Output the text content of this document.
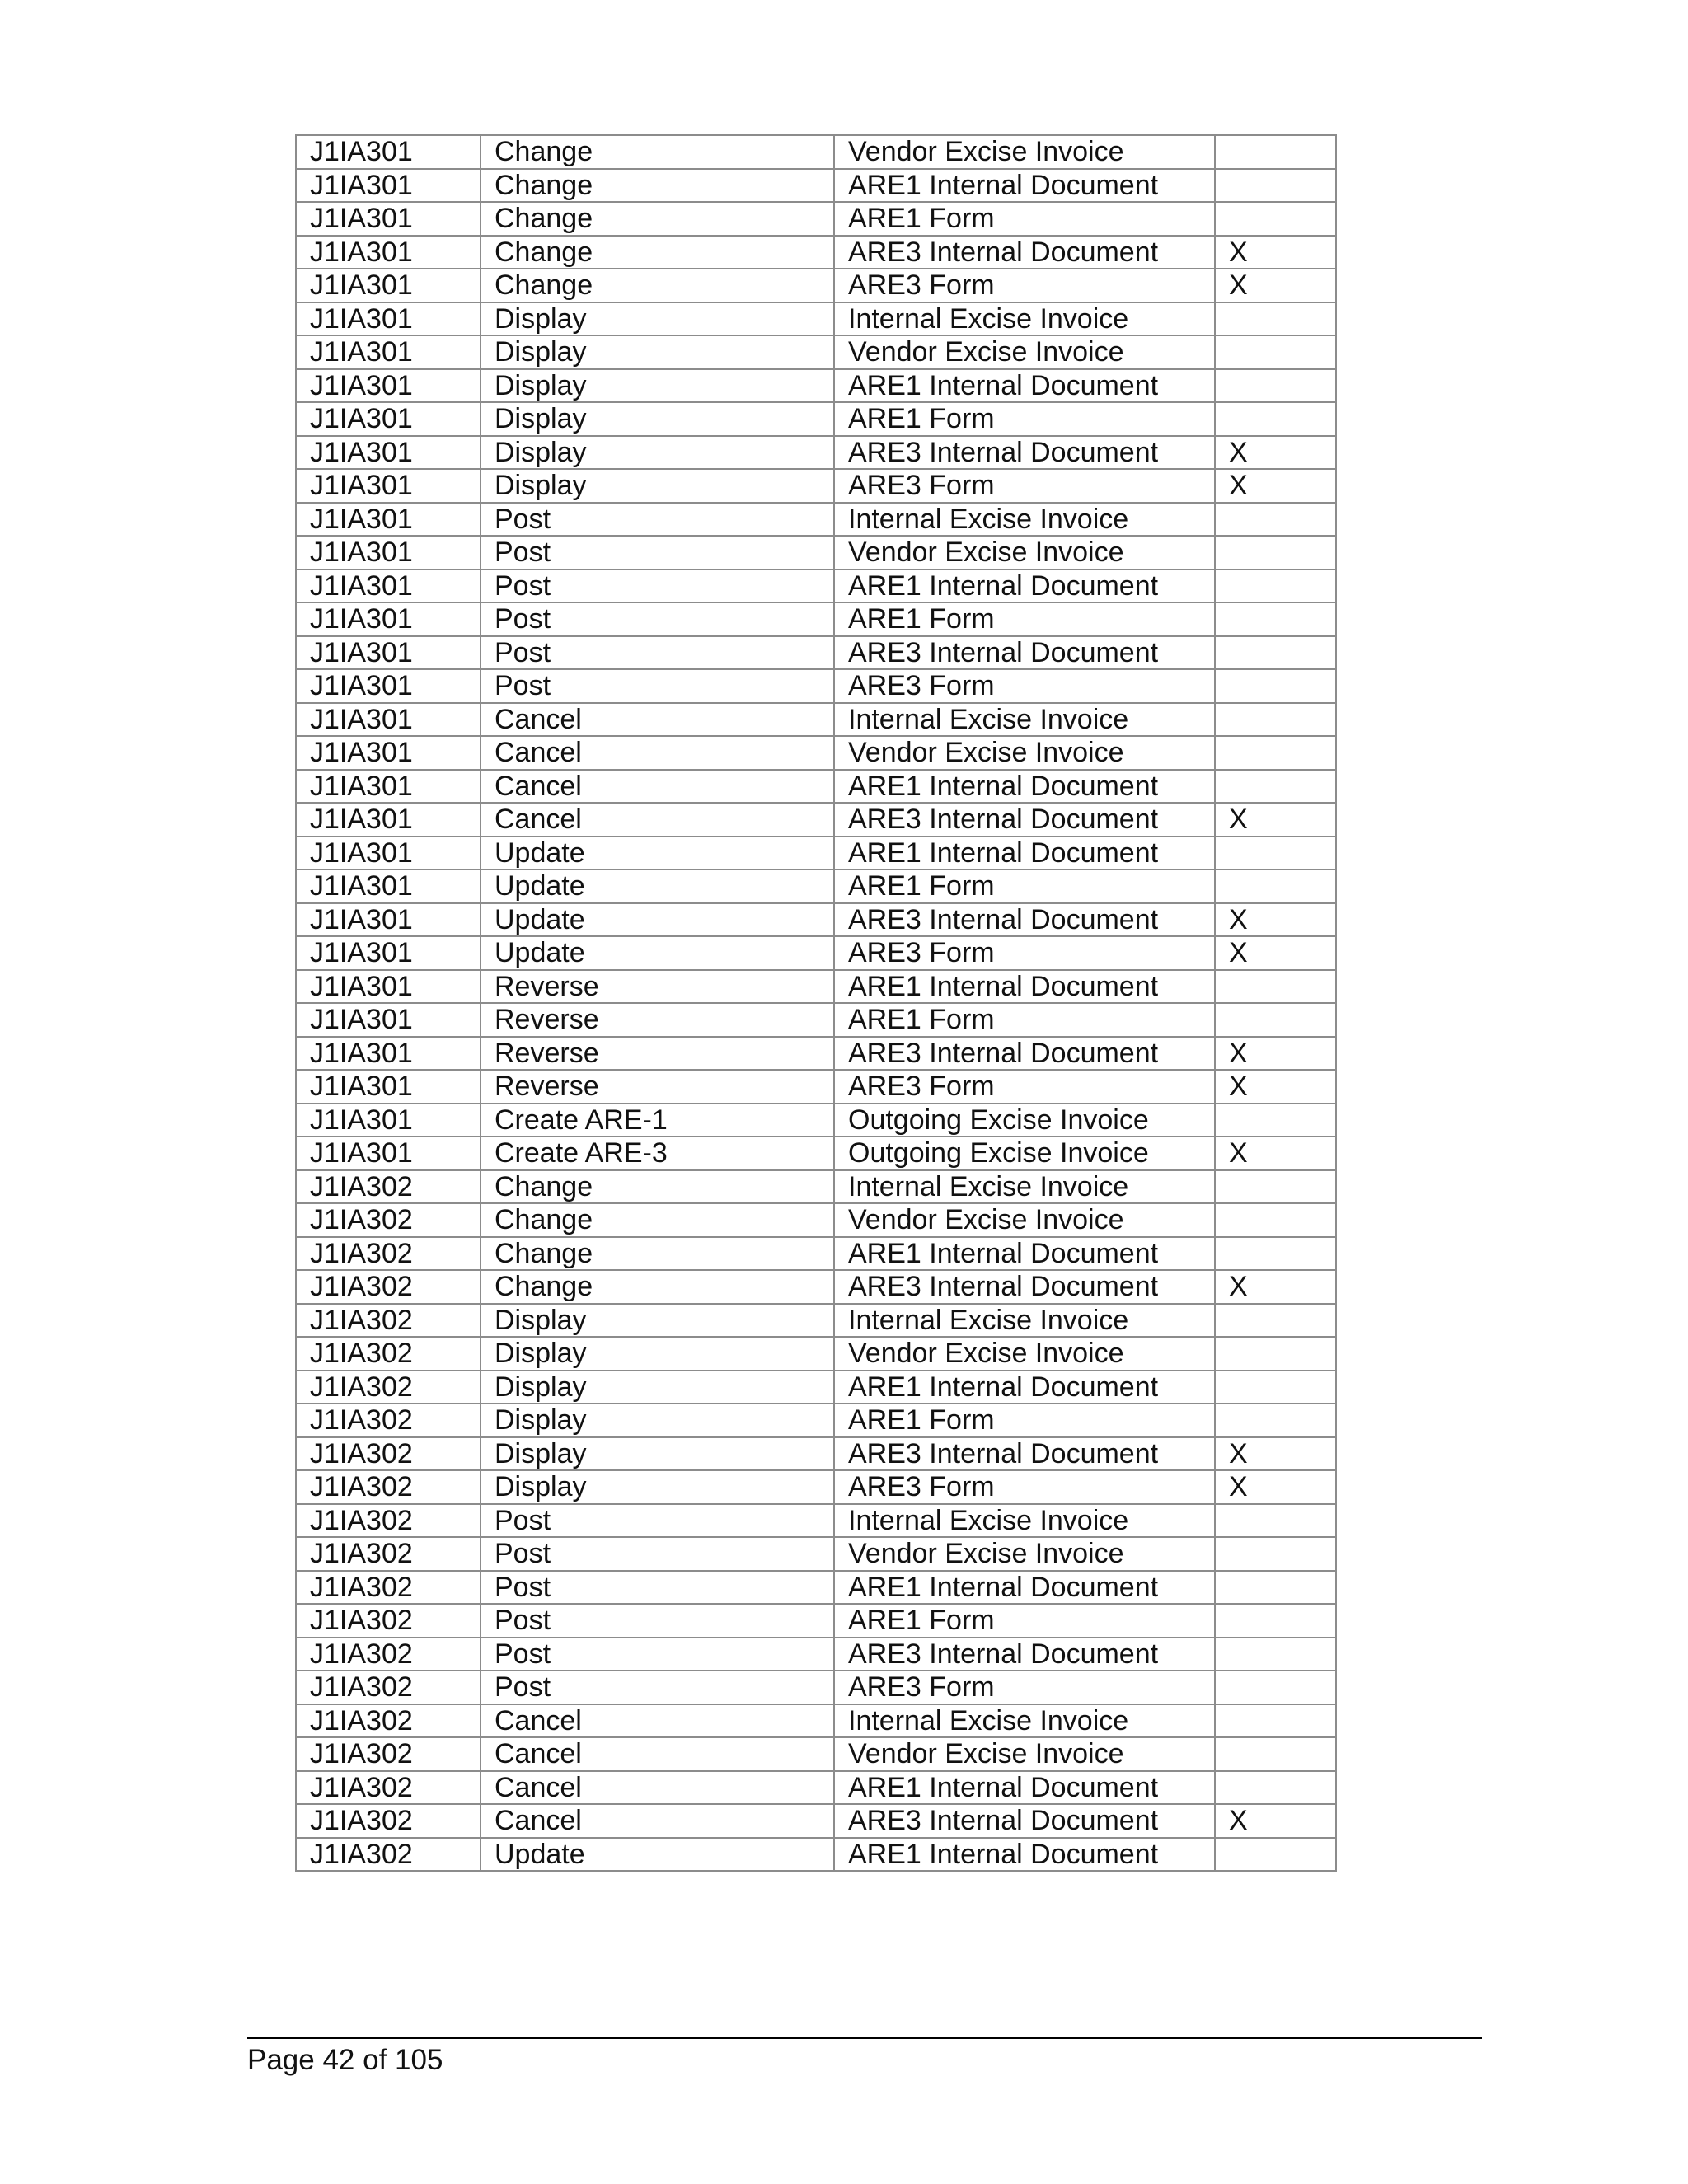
J1IA301	Change	Vendor Excise Invoice	
J1IA301	Change	ARE1 Internal Document	
J1IA301	Change	ARE1 Form	
J1IA301	Change	ARE3 Internal Document	X
J1IA301	Change	ARE3 Form	X
J1IA301	Display	Internal Excise Invoice	
J1IA301	Display	Vendor Excise Invoice	
J1IA301	Display	ARE1 Internal Document	
J1IA301	Display	ARE1 Form	
J1IA301	Display	ARE3 Internal Document	X
J1IA301	Display	ARE3 Form	X
J1IA301	Post	Internal Excise Invoice	
J1IA301	Post	Vendor Excise Invoice	
J1IA301	Post	ARE1 Internal Document	
J1IA301	Post	ARE1 Form	
J1IA301	Post	ARE3 Internal Document	
J1IA301	Post	ARE3 Form	
J1IA301	Cancel	Internal Excise Invoice	
J1IA301	Cancel	Vendor Excise Invoice	
J1IA301	Cancel	ARE1 Internal Document	
J1IA301	Cancel	ARE3 Internal Document	X
J1IA301	Update	ARE1 Internal Document	
J1IA301	Update	ARE1 Form	
J1IA301	Update	ARE3 Internal Document	X
J1IA301	Update	ARE3 Form	X
J1IA301	Reverse	ARE1 Internal Document	
J1IA301	Reverse	ARE1 Form	
J1IA301	Reverse	ARE3 Internal Document	X
J1IA301	Reverse	ARE3 Form	X
J1IA301	Create ARE-1	Outgoing Excise Invoice	
J1IA301	Create ARE-3	Outgoing Excise Invoice	X
J1IA302	Change	Internal Excise Invoice	
J1IA302	Change	Vendor Excise Invoice	
J1IA302	Change	ARE1 Internal Document	
J1IA302	Change	ARE3 Internal Document	X
J1IA302	Display	Internal Excise Invoice	
J1IA302	Display	Vendor Excise Invoice	
J1IA302	Display	ARE1 Internal Document	
J1IA302	Display	ARE1 Form	
J1IA302	Display	ARE3 Internal Document	X
J1IA302	Display	ARE3 Form	X
J1IA302	Post	Internal Excise Invoice	
J1IA302	Post	Vendor Excise Invoice	
J1IA302	Post	ARE1 Internal Document	
J1IA302	Post	ARE1 Form	
J1IA302	Post	ARE3 Internal Document	
J1IA302	Post	ARE3 Form	
J1IA302	Cancel	Internal Excise Invoice	
J1IA302	Cancel	Vendor Excise Invoice	
J1IA302	Cancel	ARE1 Internal Document	
J1IA302	Cancel	ARE3 Internal Document	X
J1IA302	Update	ARE1 Internal Document	
Page 42 of 105
